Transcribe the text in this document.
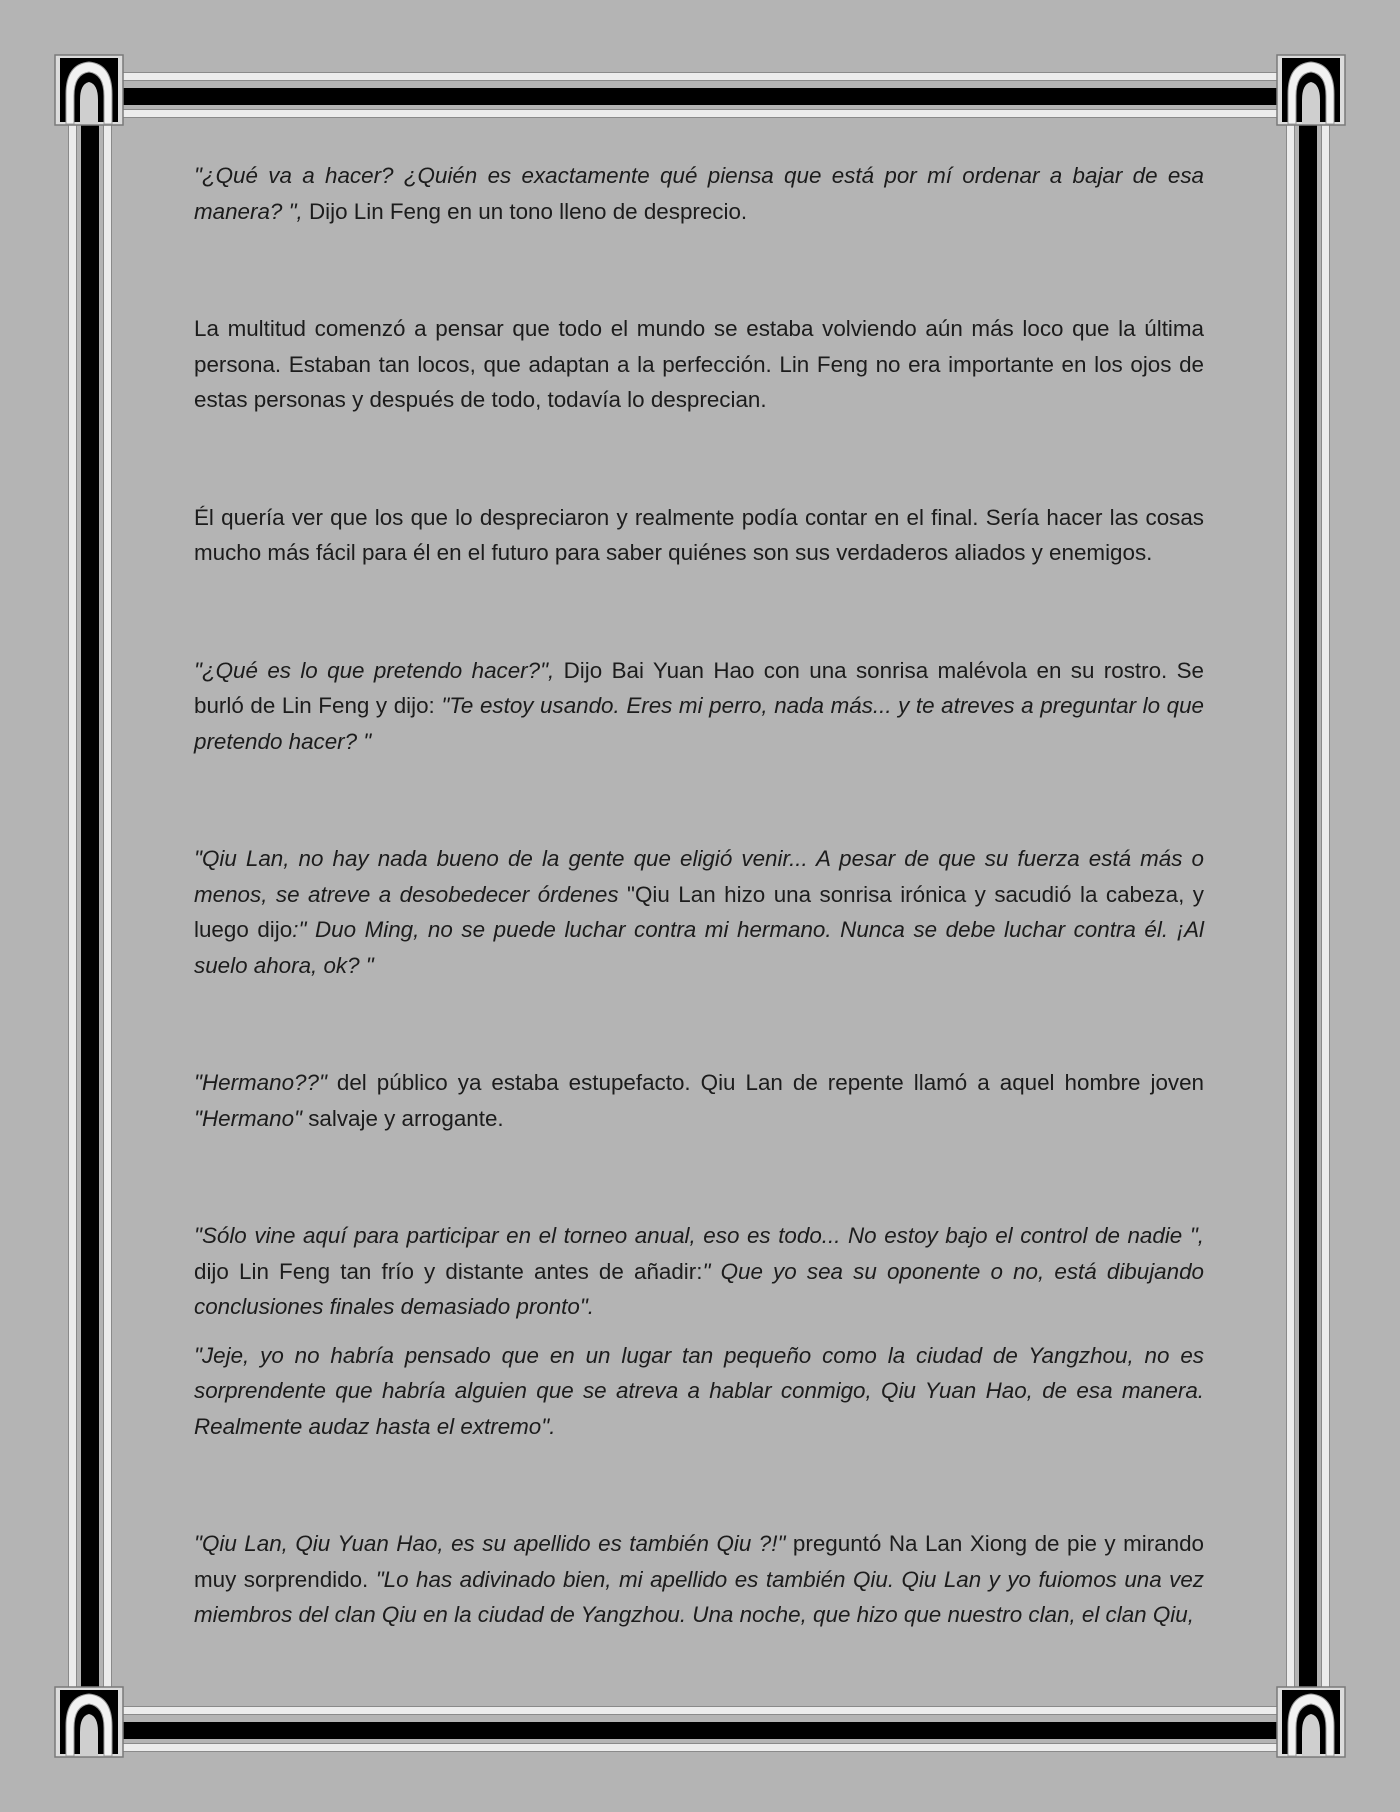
"¿Qué va a hacer? ¿Quién es exactamente qué piensa que está por mí ordenar a bajar de esa manera? ", Dijo Lin Feng en un tono lleno de desprecio.

La multitud comenzó a pensar que todo el mundo se estaba volviendo aún más loco que la última persona. Estaban tan locos, que adaptan a la perfección. Lin Feng no era importante en los ojos de estas personas y después de todo, todavía lo desprecian.

Él quería ver que los que lo despreciaron y realmente podía contar en el final. Sería hacer las cosas mucho más fácil para él en el futuro para saber quiénes son sus verdaderos aliados y enemigos.

"¿Qué es lo que pretendo hacer?", Dijo Bai Yuan Hao con una sonrisa malévola en su rostro. Se burló de Lin Feng y dijo: "Te estoy usando. Eres mi perro, nada más... y te atreves a preguntar lo que pretendo hacer? "

"Qiu Lan, no hay nada bueno de la gente que eligió venir... A pesar de que su fuerza está más o menos, se atreve a desobedecer órdenes "Qiu Lan hizo una sonrisa irónica y sacudió la cabeza, y luego dijo:" Duo Ming, no se puede luchar contra mi hermano. Nunca se debe luchar contra él. ¡Al suelo ahora, ok? "

"Hermano??" del público ya estaba estupefacto. Qiu Lan de repente llamó a aquel hombre joven "Hermano" salvaje y arrogante.

"Sólo vine aquí para participar en el torneo anual, eso es todo... No estoy bajo el control de nadie ", dijo Lin Feng tan frío y distante antes de añadir:" Que yo sea su oponente o no, está dibujando conclusiones finales demasiado pronto".

"Jeje, yo no habría pensado que en un lugar tan pequeño como la ciudad de Yangzhou, no es sorprendente que habría alguien que se atreva a hablar conmigo, Qiu Yuan Hao, de esa manera. Realmente audaz hasta el extremo".

"Qiu Lan, Qiu Yuan Hao, es su apellido es también Qiu ?!" preguntó Na Lan Xiong de pie y mirando muy sorprendido. "Lo has adivinado bien, mi apellido es también Qiu. Qiu Lan y yo fuiomos una vez miembros del clan Qiu en la ciudad de Yangzhou. Una noche, que hizo que nuestro clan, el clan Qiu,
